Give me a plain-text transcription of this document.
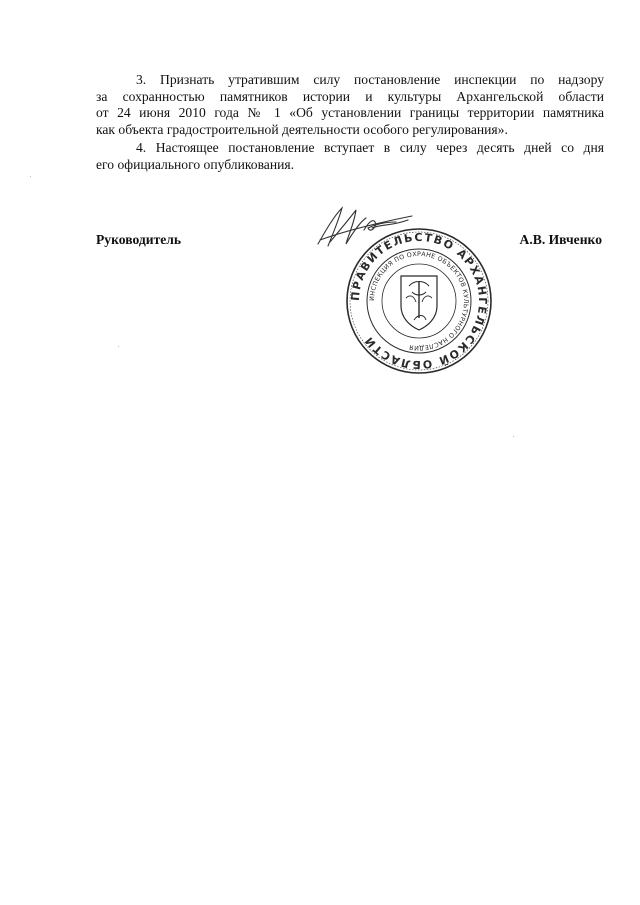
3. Признать утратившим силу постановление инспекции по надзору
за сохранностью памятников истории и культуры Архангельской области
от 24 июня 2010 года № 1 «Об установлении границы территории памятника
как объекта градостроительной деятельности особого регулирования».
4. Настоящее постановление вступает в силу через десять дней со дня
его официального опубликования.
Руководитель	А.В. Ивченко
ПРАВИТЕЛЬСТВО АРХАНГЕЛЬСКОЙ ОБЛАСТИ
ИНСПЕКЦИЯ ПО ОХРАНЕ ОБЪЕКТОВ КУЛЬТУРНОГО НАСЛЕДИЯ
